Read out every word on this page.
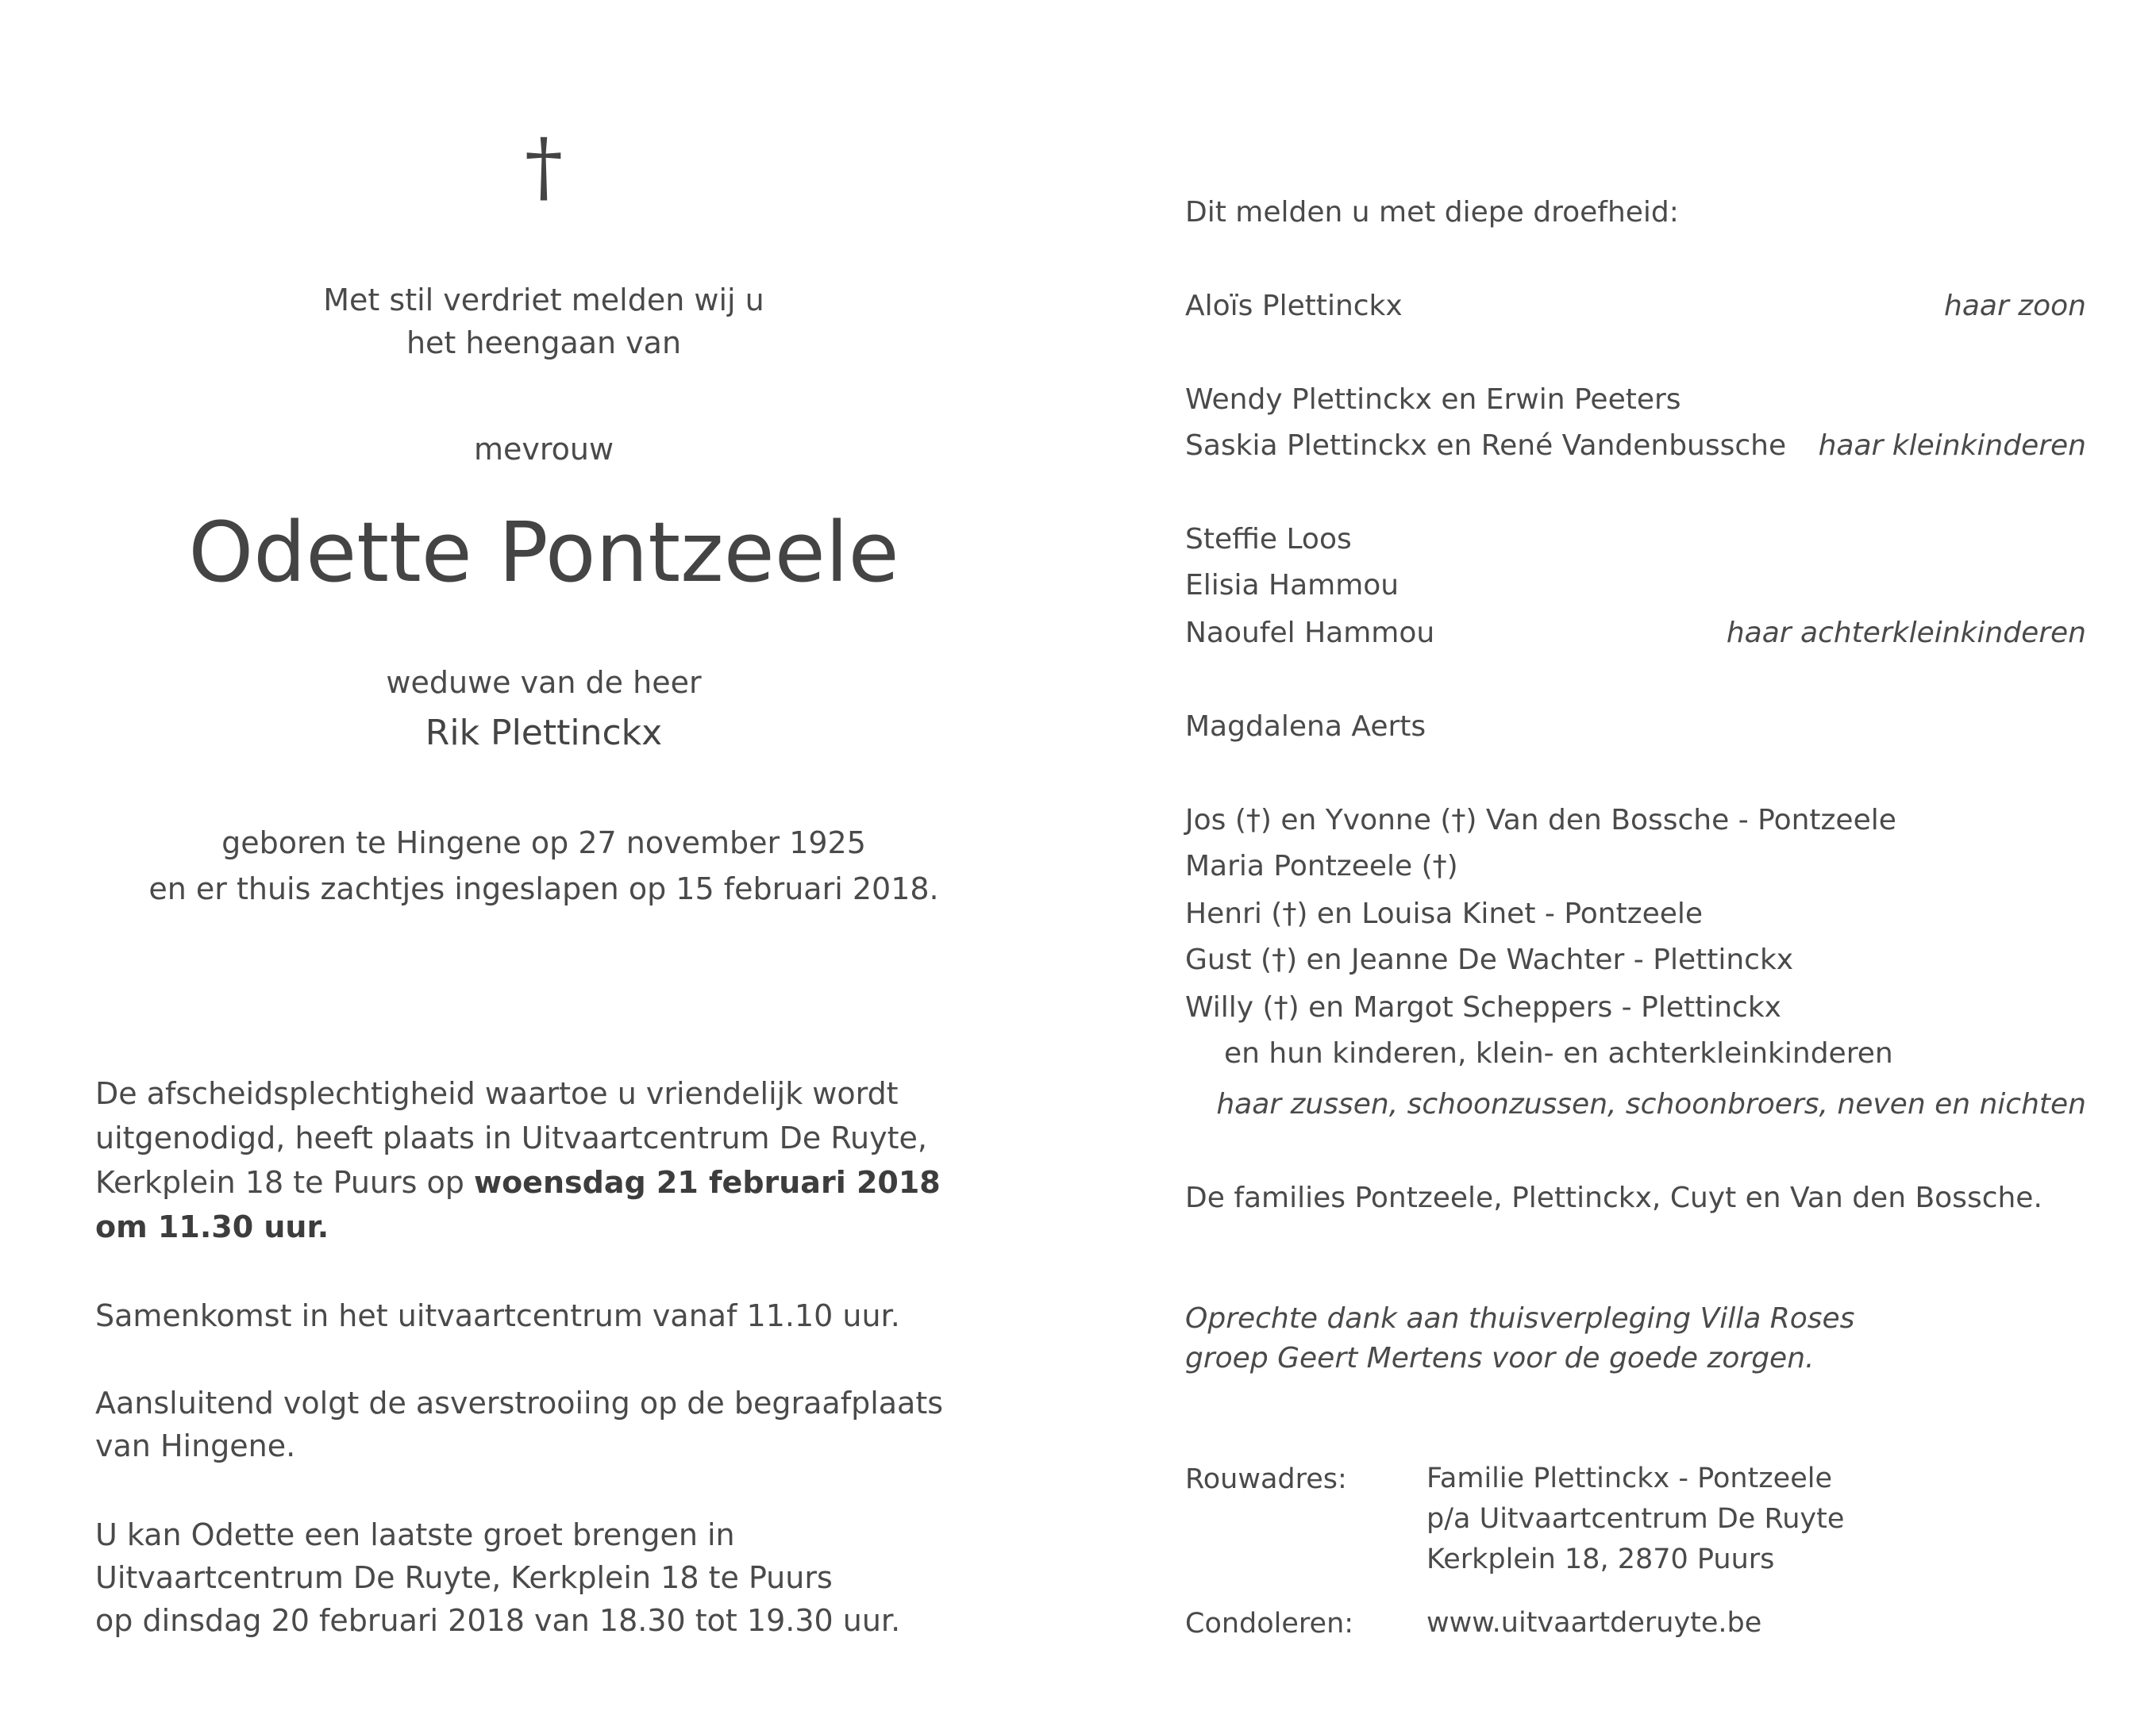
†
Met stil verdriet melden wij u
het heengaan van
mevrouw
Odette Pontzeele
weduwe van de heer
Rik Plettinckx
geboren te Hingene op 27 november 1925
en er thuis zachtjes ingeslapen op 15 februari 2018.
De afscheidsplechtigheid waartoe u vriendelijk wordt
uitgenodigd, heeft plaats in Uitvaartcentrum De Ruyte,
Kerkplein 18 te Puurs op woensdag 21 februari 2018
om 11.30 uur.
Samenkomst in het uitvaartcentrum vanaf 11.10 uur.
Aansluitend volgt de asverstrooiing op de begraafplaats
van Hingene.
U kan Odette een laatste groet brengen in
Uitvaartcentrum De Ruyte, Kerkplein 18 te Puurs
op dinsdag 20 februari 2018 van 18.30 tot 19.30 uur.
Dit melden u met diepe droefheid:
Aloïs Plettinckx	haar zoon
Wendy Plettinckx en Erwin Peeters
Saskia Plettinckx en René Vandenbussche haar kleinkinderen
Steffie Loos
Elisia Hammou
Naoufel Hammou	haar achterkleinkinderen
Magdalena Aerts
Jos (†) en Yvonne (†) Van den Bossche - Pontzeele
Maria Pontzeele (†)
Henri (†) en Louisa Kinet - Pontzeele
Gust (†) en Jeanne De Wachter - Plettinckx
Willy (†) en Margot Scheppers - Plettinckx
en hun kinderen, klein- en achterkleinkinderen
haar zussen, schoonzussen, schoonbroers, neven en nichten
De families Pontzeele, Plettinckx, Cuyt en Van den Bossche.
Oprechte dank aan thuisverpleging Villa Roses
groep Geert Mertens voor de goede zorgen.
Rouwadres:	Familie Plettinckx - Pontzeele
p/a Uitvaartcentrum De Ruyte
Kerkplein 18, 2870 Puurs
Condoleren:	www.uitvaartderuyte.be
